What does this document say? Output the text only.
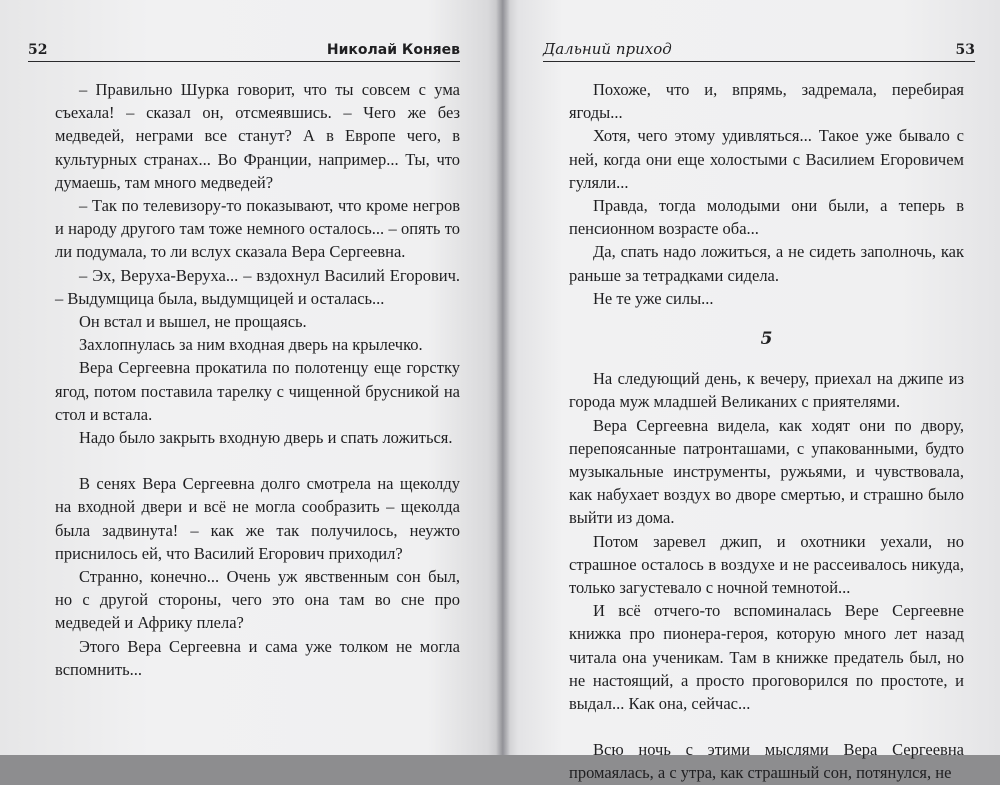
52	Николай Коняев

– Правильно Шурка говорит, что ты совсем с ума съехала! – сказал он, отсмеявшись. – Чего же без медведей, неграми все станут? А в Европе чего, в культурных странах... Во Франции, например... Ты, что думаешь, там много медведей?

– Так по телевизору-то показывают, что кроме негров и народу другого там тоже немного осталось... – опять то ли подумала, то ли вслух сказала Вера Сергеевна.

– Эх, Веруха-Веруха... – вздохнул Василий Егорович. – Выдумщица была, выдумщицей и осталась...

Он встал и вышел, не прощаясь.

Захлопнулась за ним входная дверь на крылечко.

Вера Сергеевна прокатила по полотенцу еще горстку ягод, потом поставила тарелку с чищенной брусникой на стол и встала.

Надо было закрыть входную дверь и спать ложиться.

В сенях Вера Сергеевна долго смотрела на щеколду на входной двери и всё не могла сообразить – щеколда была задвинута! – как же так получилось, неужто приснилось ей, что Василий Егорович приходил?

Странно, конечно... Очень уж явственным сон был, но с другой стороны, чего это она там во сне про медведей и Африку плела?

Этого Вера Сергеевна и сама уже толком не могла вспомнить...

Дальний приход	53

Похоже, что и, впрямь, задремала, перебирая ягоды...

Хотя, чего этому удивляться... Такое уже бывало с ней, когда они еще холостыми с Василием Егоровичем гуляли...

Правда, тогда молодыми они были, а теперь в пенсионном возрасте оба...

Да, спать надо ложиться, а не сидеть заполночь, как раньше за тетрадками сидела.

Не те уже силы...

5

На следующий день, к вечеру, приехал на джипе из города муж младшей Великаних с приятелями.

Вера Сергеевна видела, как ходят они по двору, перепоясанные патронташами, с упакованными, будто музыкальные инструменты, ружьями, и чувствовала, как набухает воздух во дворе смертью, и страшно было выйти из дома.

Потом заревел джип, и охотники уехали, но страшное осталось в воздухе и не рассеивалось никуда, только загустевало с ночной темнотой...

И всё отчего-то вспоминалась Вере Сергеевне книжка про пионера-героя, которую много лет назад читала она ученикам. Там в книжке предатель был, но не настоящий, а просто проговорился по простоте, и выдал... Как она, сейчас...

Всю ночь с этими мыслями Вера Сергеевна промаялась, а с утра, как страшный сон, потянулся, не
